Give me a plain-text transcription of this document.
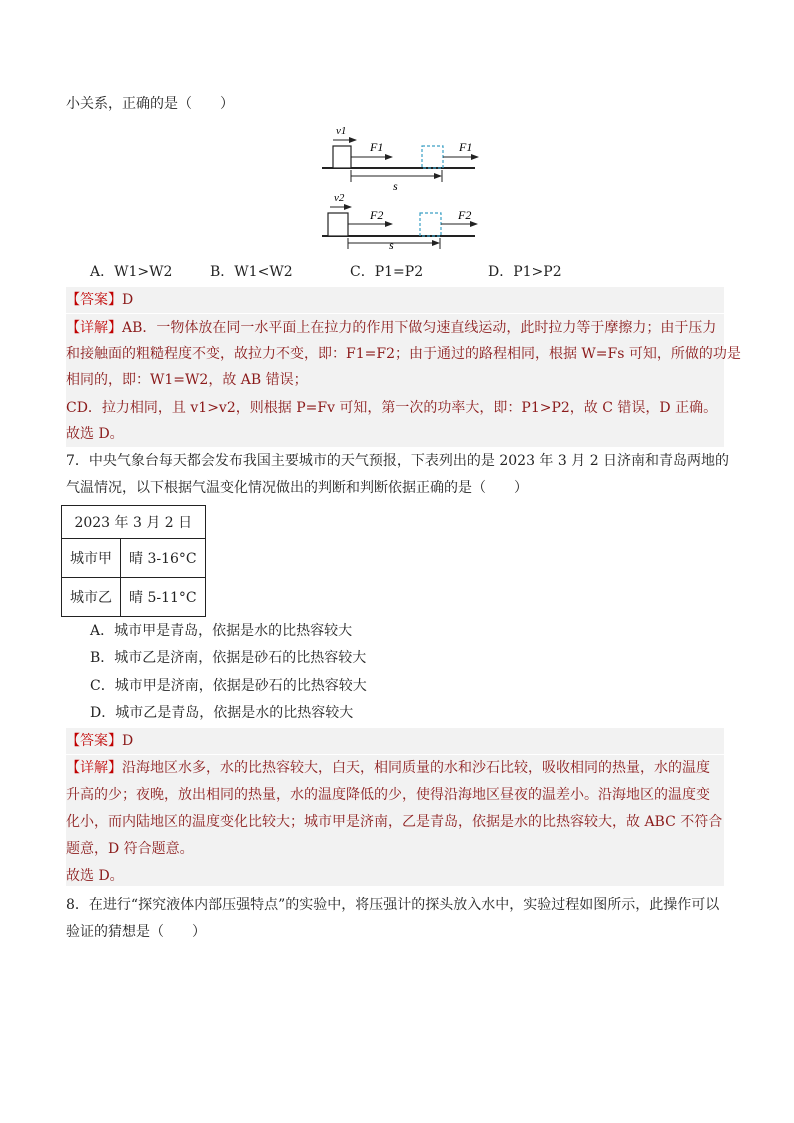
小关系，正确的是（　　）
v1
F1	F1
s
v2
F2	F2
s
A．W1>W2	B．W1<W2	C．P1=P2	D．P1>P2
【答案】D
【详解】AB．一物体放在同一水平面上在拉力的作用下做匀速直线运动，此时拉力等于摩擦力；由于压力
和接触面的粗糙程度不变，故拉力不变，即：F1=F2；由于通过的路程相同，根据 W=Fs 可知，所做的功是
相同的，即：W1=W2，故 AB 错误；
CD．拉力相同，且 v1>v2，则根据 P=Fv 可知，第一次的功率大，即：P1>P2，故 C 错误，D 正确。
故选 D。
7．中央气象台每天都会发布我国主要城市的天气预报，下表列出的是 2023 年 3 月 2 日济南和青岛两地的
气温情况，以下根据气温变化情况做出的判断和判断依据正确的是（　　）
2023 年 3 月 2 日	
城市甲	晴 3-16°C
城市乙	晴 5-11°C
A．城市甲是青岛，依据是水的比热容较大
B．城市乙是济南，依据是砂石的比热容较大
C．城市甲是济南，依据是砂石的比热容较大
D．城市乙是青岛，依据是水的比热容较大
【答案】D
【详解】沿海地区水多，水的比热容较大，白天，相同质量的水和沙石比较，吸收相同的热量，水的温度
升高的少；夜晚，放出相同的热量，水的温度降低的少，使得沿海地区昼夜的温差小。沿海地区的温度变
化小，而内陆地区的温度变化比较大；城市甲是济南，乙是青岛，依据是水的比热容较大，故 ABC 不符合
题意，D 符合题意。
故选 D。
8．在进行“探究液体内部压强特点”的实验中，将压强计的探头放入水中，实验过程如图所示，此操作可以
验证的猜想是（　　）
